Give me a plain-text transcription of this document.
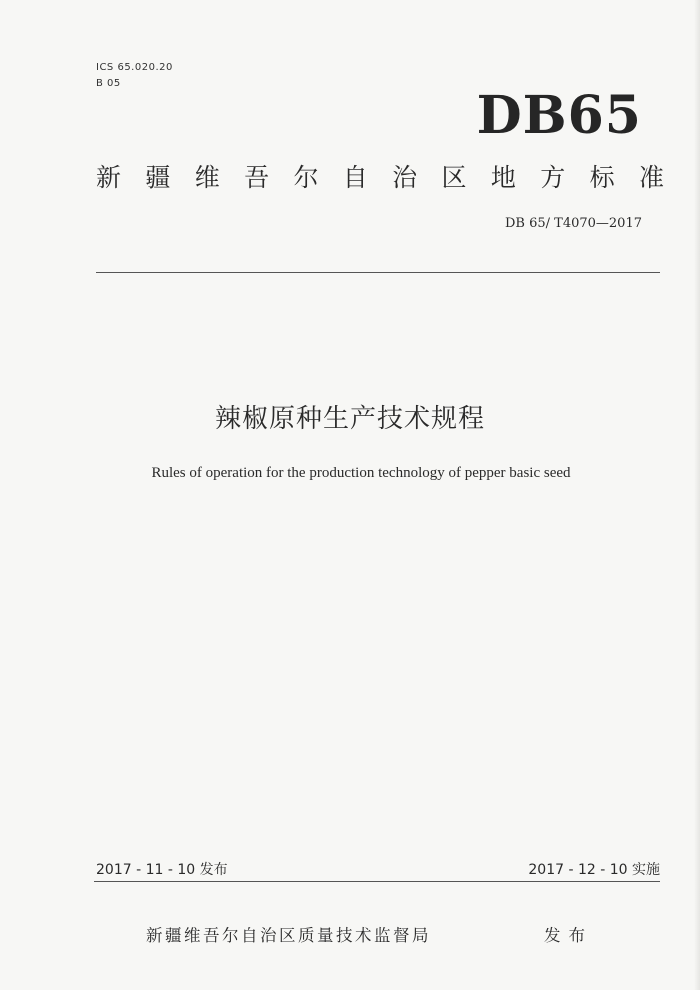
ICS 65.020.20
B 05
DB65
新 疆 维 吾 尔 自 治 区 地 方 标 准
DB 65/ T4070—2017
辣椒原种生产技术规程
Rules of operation for the production technology of pepper basic seed
2017 - 11 - 10 发布	2017 - 12 - 10 实施
新疆维吾尔自治区质量技术监督局	发布
